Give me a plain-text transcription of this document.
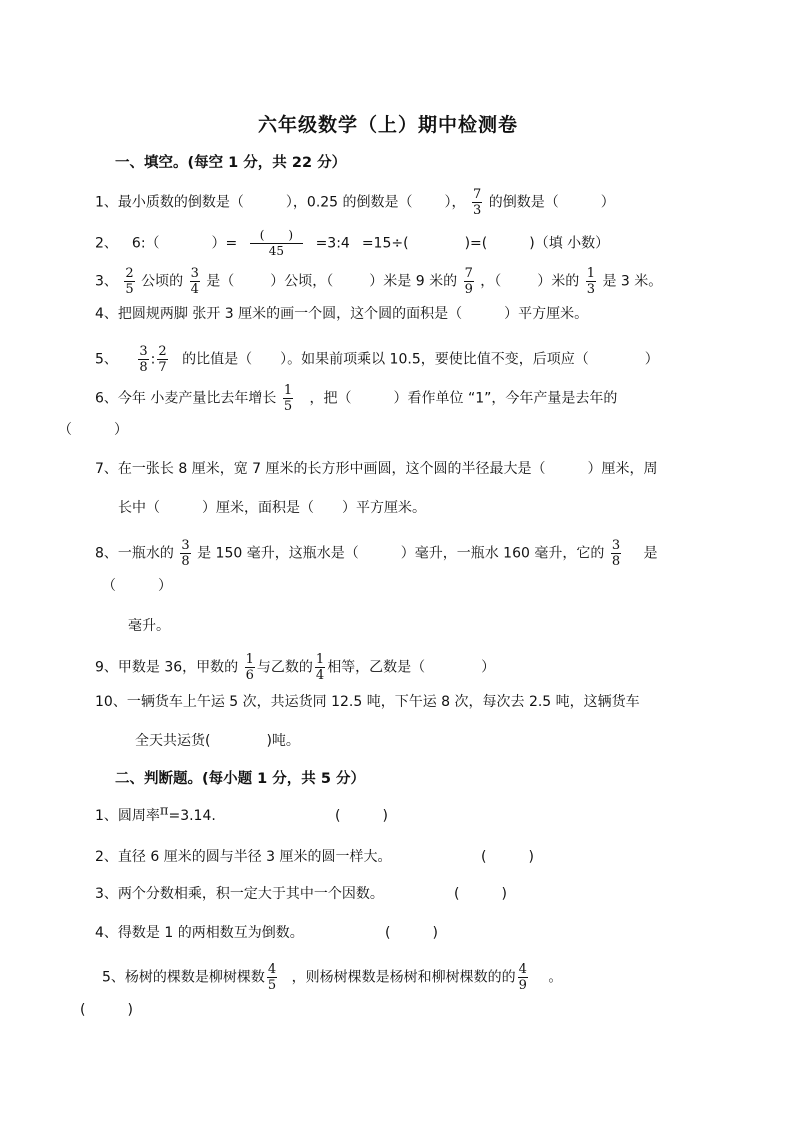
六年级数学（上）期中检测卷
一、填空。(每空 1 分，共 22 分）
1、最小质数的倒数是（	），0.25 的倒数是（ ）， $\frac{7}{3}$ 的倒数是（	）
2、 6:（	）= $\frac{( )}{45}$ =3:4 =15÷(	)=(	)（填 小数）
3、 $\frac{2}{5}$ 公顷的 $\frac{3}{4}$ 是（	）公顷，（	）米是 9 米的 $\frac{7}{9}$ ，（	）米的 $\frac{1}{3}$ 是 3 米。
4、把圆规两脚 张开 3 厘米的画一个圆，这个圆的面积是（　　　）平方厘米。
5、 $\frac{3}{8}$ : $\frac{2}{7}$ 的比值是（　　）。如果前项乘以 10.5，要使比值不变，后项应（　　　　）
6、今年 小麦产量比去年增长 $\frac{1}{5}$ ，把（　　　）看作单位 “1”，今年产量是去年的
（　　　）
7、在一张长 8 厘米，宽 7 厘米的长方形中画圆，这个圆的半径最大是（　　　）厘米，周
长中（　　　）厘米，面积是（　　）平方厘米。
8、一瓶水的 $\frac{3}{8}$ 是 150 毫升，这瓶水是（　　　）毫升，一瓶水 160 毫升，它的 $\frac{3}{8}$ 是
（　　　）
毫升。
9、甲数是 36，甲数的 $\frac{1}{6}$ 与乙数的 $\frac{1}{4}$ 相等，乙数是（　　　　）
10、一辆货车上午运 5 次，共运货同 12.5 吨，下午运 8 次，每次去 2.5 吨，这辆货车
全天共运货(　　　　)吨。
二、判断题。(每小题 1 分，共 5 分）
1、圆周率π=3.14.	(　　　)
2、直径 6 厘米的圆与半径 3 厘米的圆一样大。	(　　　)
3、两个分数相乘，积一定大于其中一个因数。	(　　　)
4、得数是 1 的两相数互为倒数。	(　　　)
5、杨树的棵数是柳树棵数 $\frac{4}{5}$ ，则杨树棵数是杨树和柳树棵数的的 $\frac{4}{9}$ 。
(　　　)
